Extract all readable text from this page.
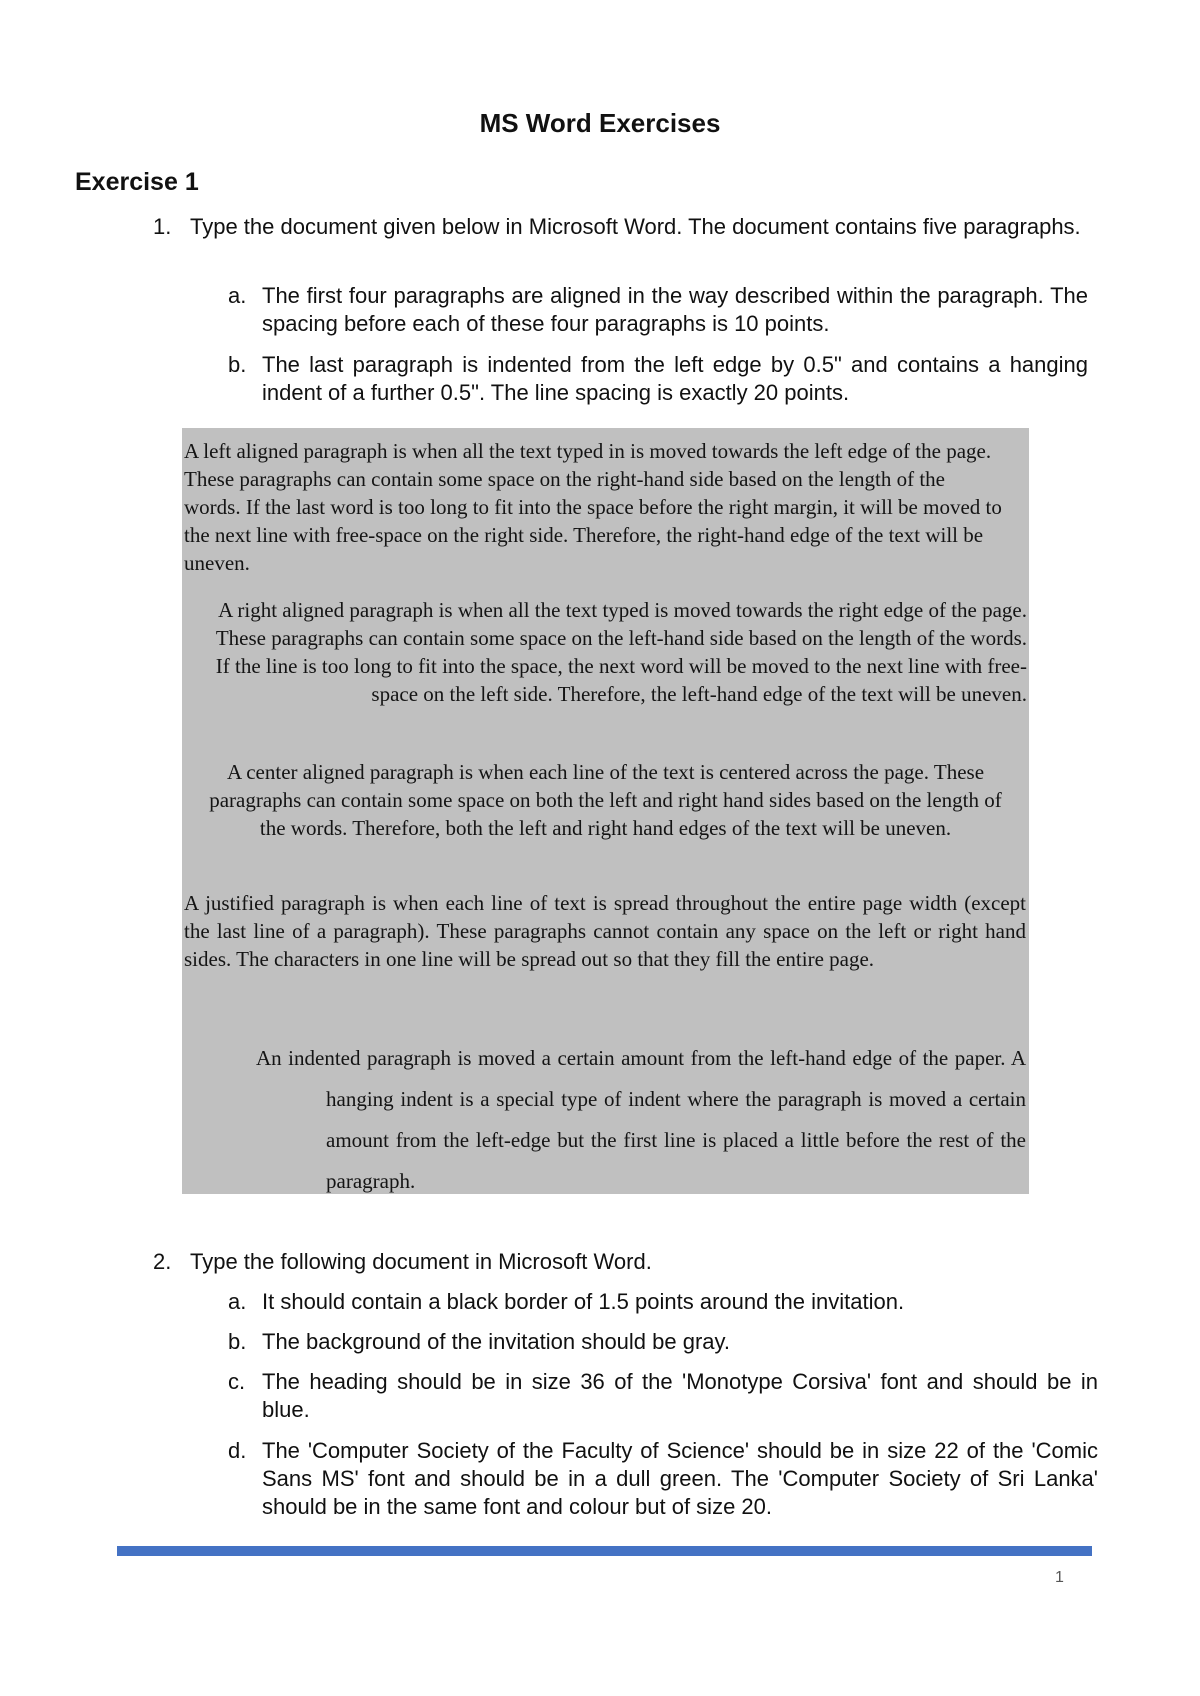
MS Word Exercises
Exercise 1
1. Type the document given below in Microsoft Word. The document contains five paragraphs.
a. The first four paragraphs are aligned in the way described within the paragraph. The spacing before each of these four paragraphs is 10 points.
b. The last paragraph is indented from the left edge by 0.5" and contains a hanging indent of a further 0.5". The line spacing is exactly 20 points.
A left aligned paragraph is when all the text typed in is moved towards the left edge of the page. These paragraphs can contain some space on the right-hand side based on the length of the words. If the last word is too long to fit into the space before the right margin, it will be moved to the next line with free-space on the right side. Therefore, the right-hand edge of the text will be uneven.
A right aligned paragraph is when all the text typed is moved towards the right edge of the page. These paragraphs can contain some space on the left-hand side based on the length of the words. If the line is too long to fit into the space, the next word will be moved to the next line with free-space on the left side. Therefore, the left-hand edge of the text will be uneven.
A center aligned paragraph is when each line of the text is centered across the page. These paragraphs can contain some space on both the left and right hand sides based on the length of the words. Therefore, both the left and right hand edges of the text will be uneven.
A justified paragraph is when each line of text is spread throughout the entire page width (except the last line of a paragraph). These paragraphs cannot contain any space on the left or right hand sides. The characters in one line will be spread out so that they fill the entire page.
An indented paragraph is moved a certain amount from the left-hand edge of the paper. A hanging indent is a special type of indent where the paragraph is moved a certain amount from the left-edge but the first line is placed a little before the rest of the paragraph.
2. Type the following document in Microsoft Word.
a. It should contain a black border of 1.5 points around the invitation.
b. The background of the invitation should be gray.
c. The heading should be in size 36 of the 'Monotype Corsiva' font and should be in blue.
d. The 'Computer Society of the Faculty of Science' should be in size 22 of the 'Comic Sans MS' font and should be in a dull green. The 'Computer Society of Sri Lanka' should be in the same font and colour but of size 20.
1
